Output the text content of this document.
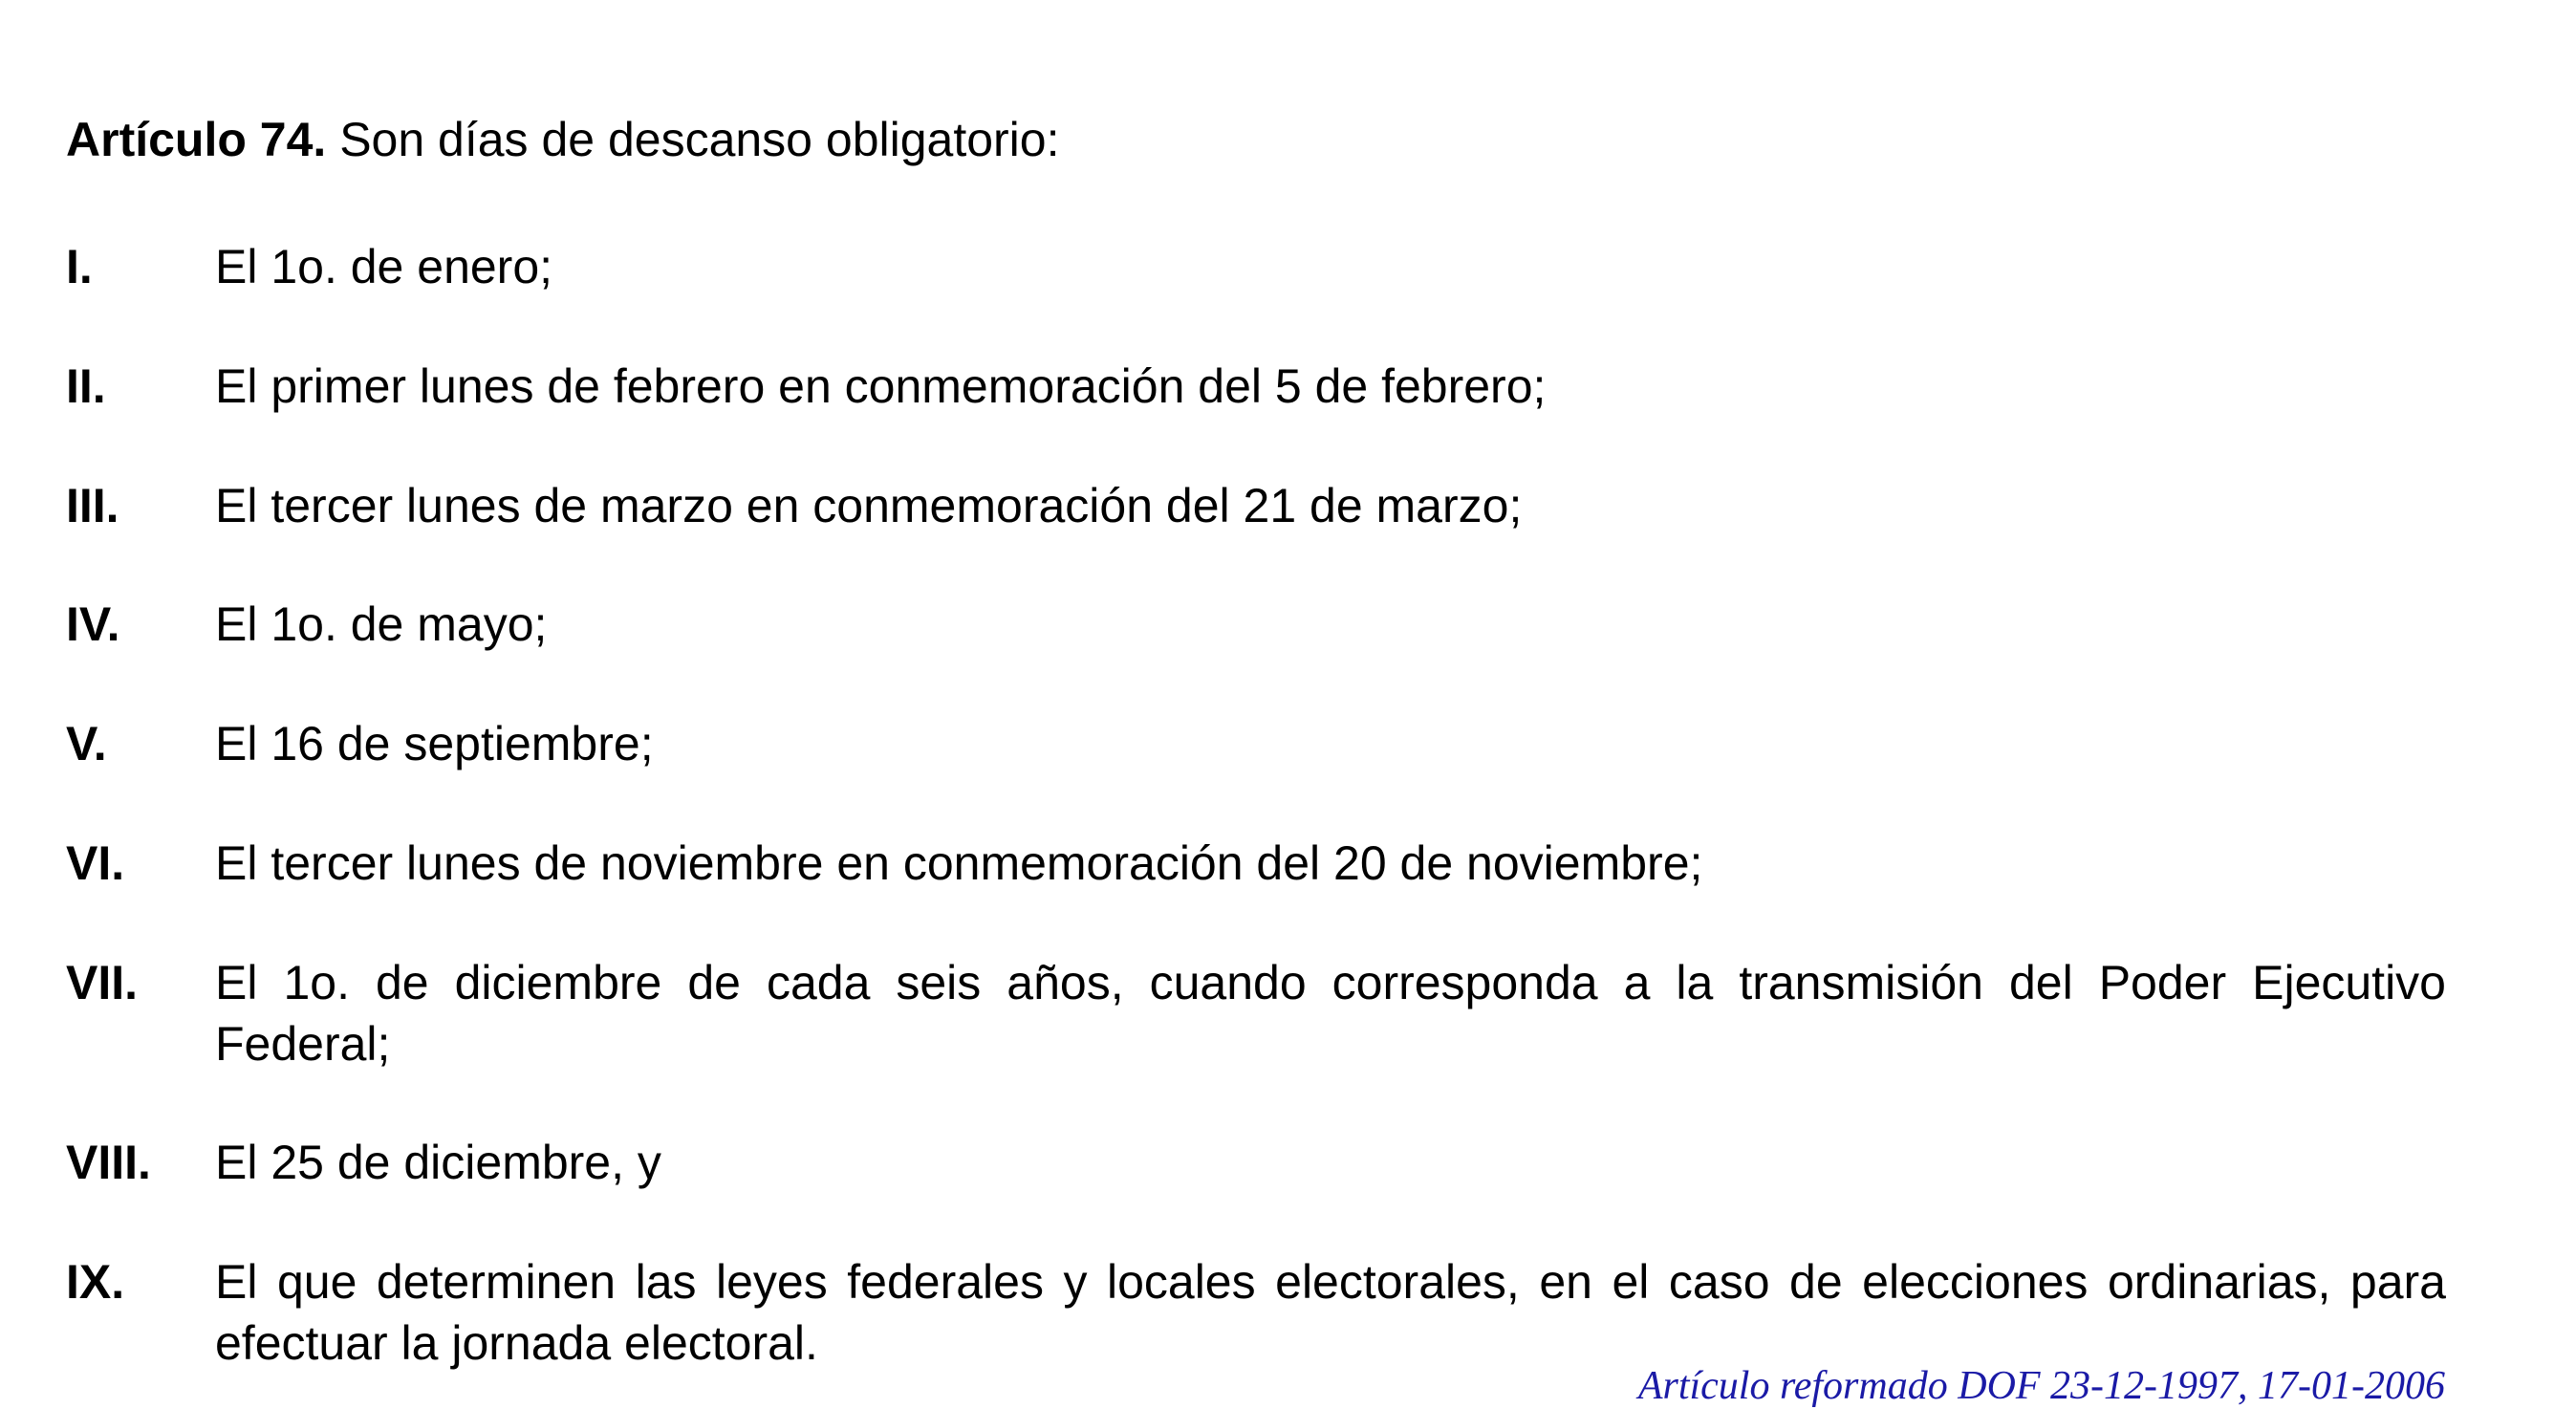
Artículo 74. Son días de descanso obligatorio:
I.	El 1o. de enero;
II. El primer lunes de febrero en conmemoración del 5 de febrero;
III. El tercer lunes de marzo en conmemoración del 21 de marzo;
IV. El 1o. de mayo;
V. El 16 de septiembre;
VI. El tercer lunes de noviembre en conmemoración del 20 de noviembre;
VII. El 1o. de diciembre de cada seis años, cuando corresponda a la transmisión del Poder Ejecutivo Federal;
VIII. El 25 de diciembre, y
IX. El que determinen las leyes federales y locales electorales, en el caso de elecciones ordinarias, para efectuar la jornada electoral.
Artículo reformado DOF 23-12-1997, 17-01-2006
